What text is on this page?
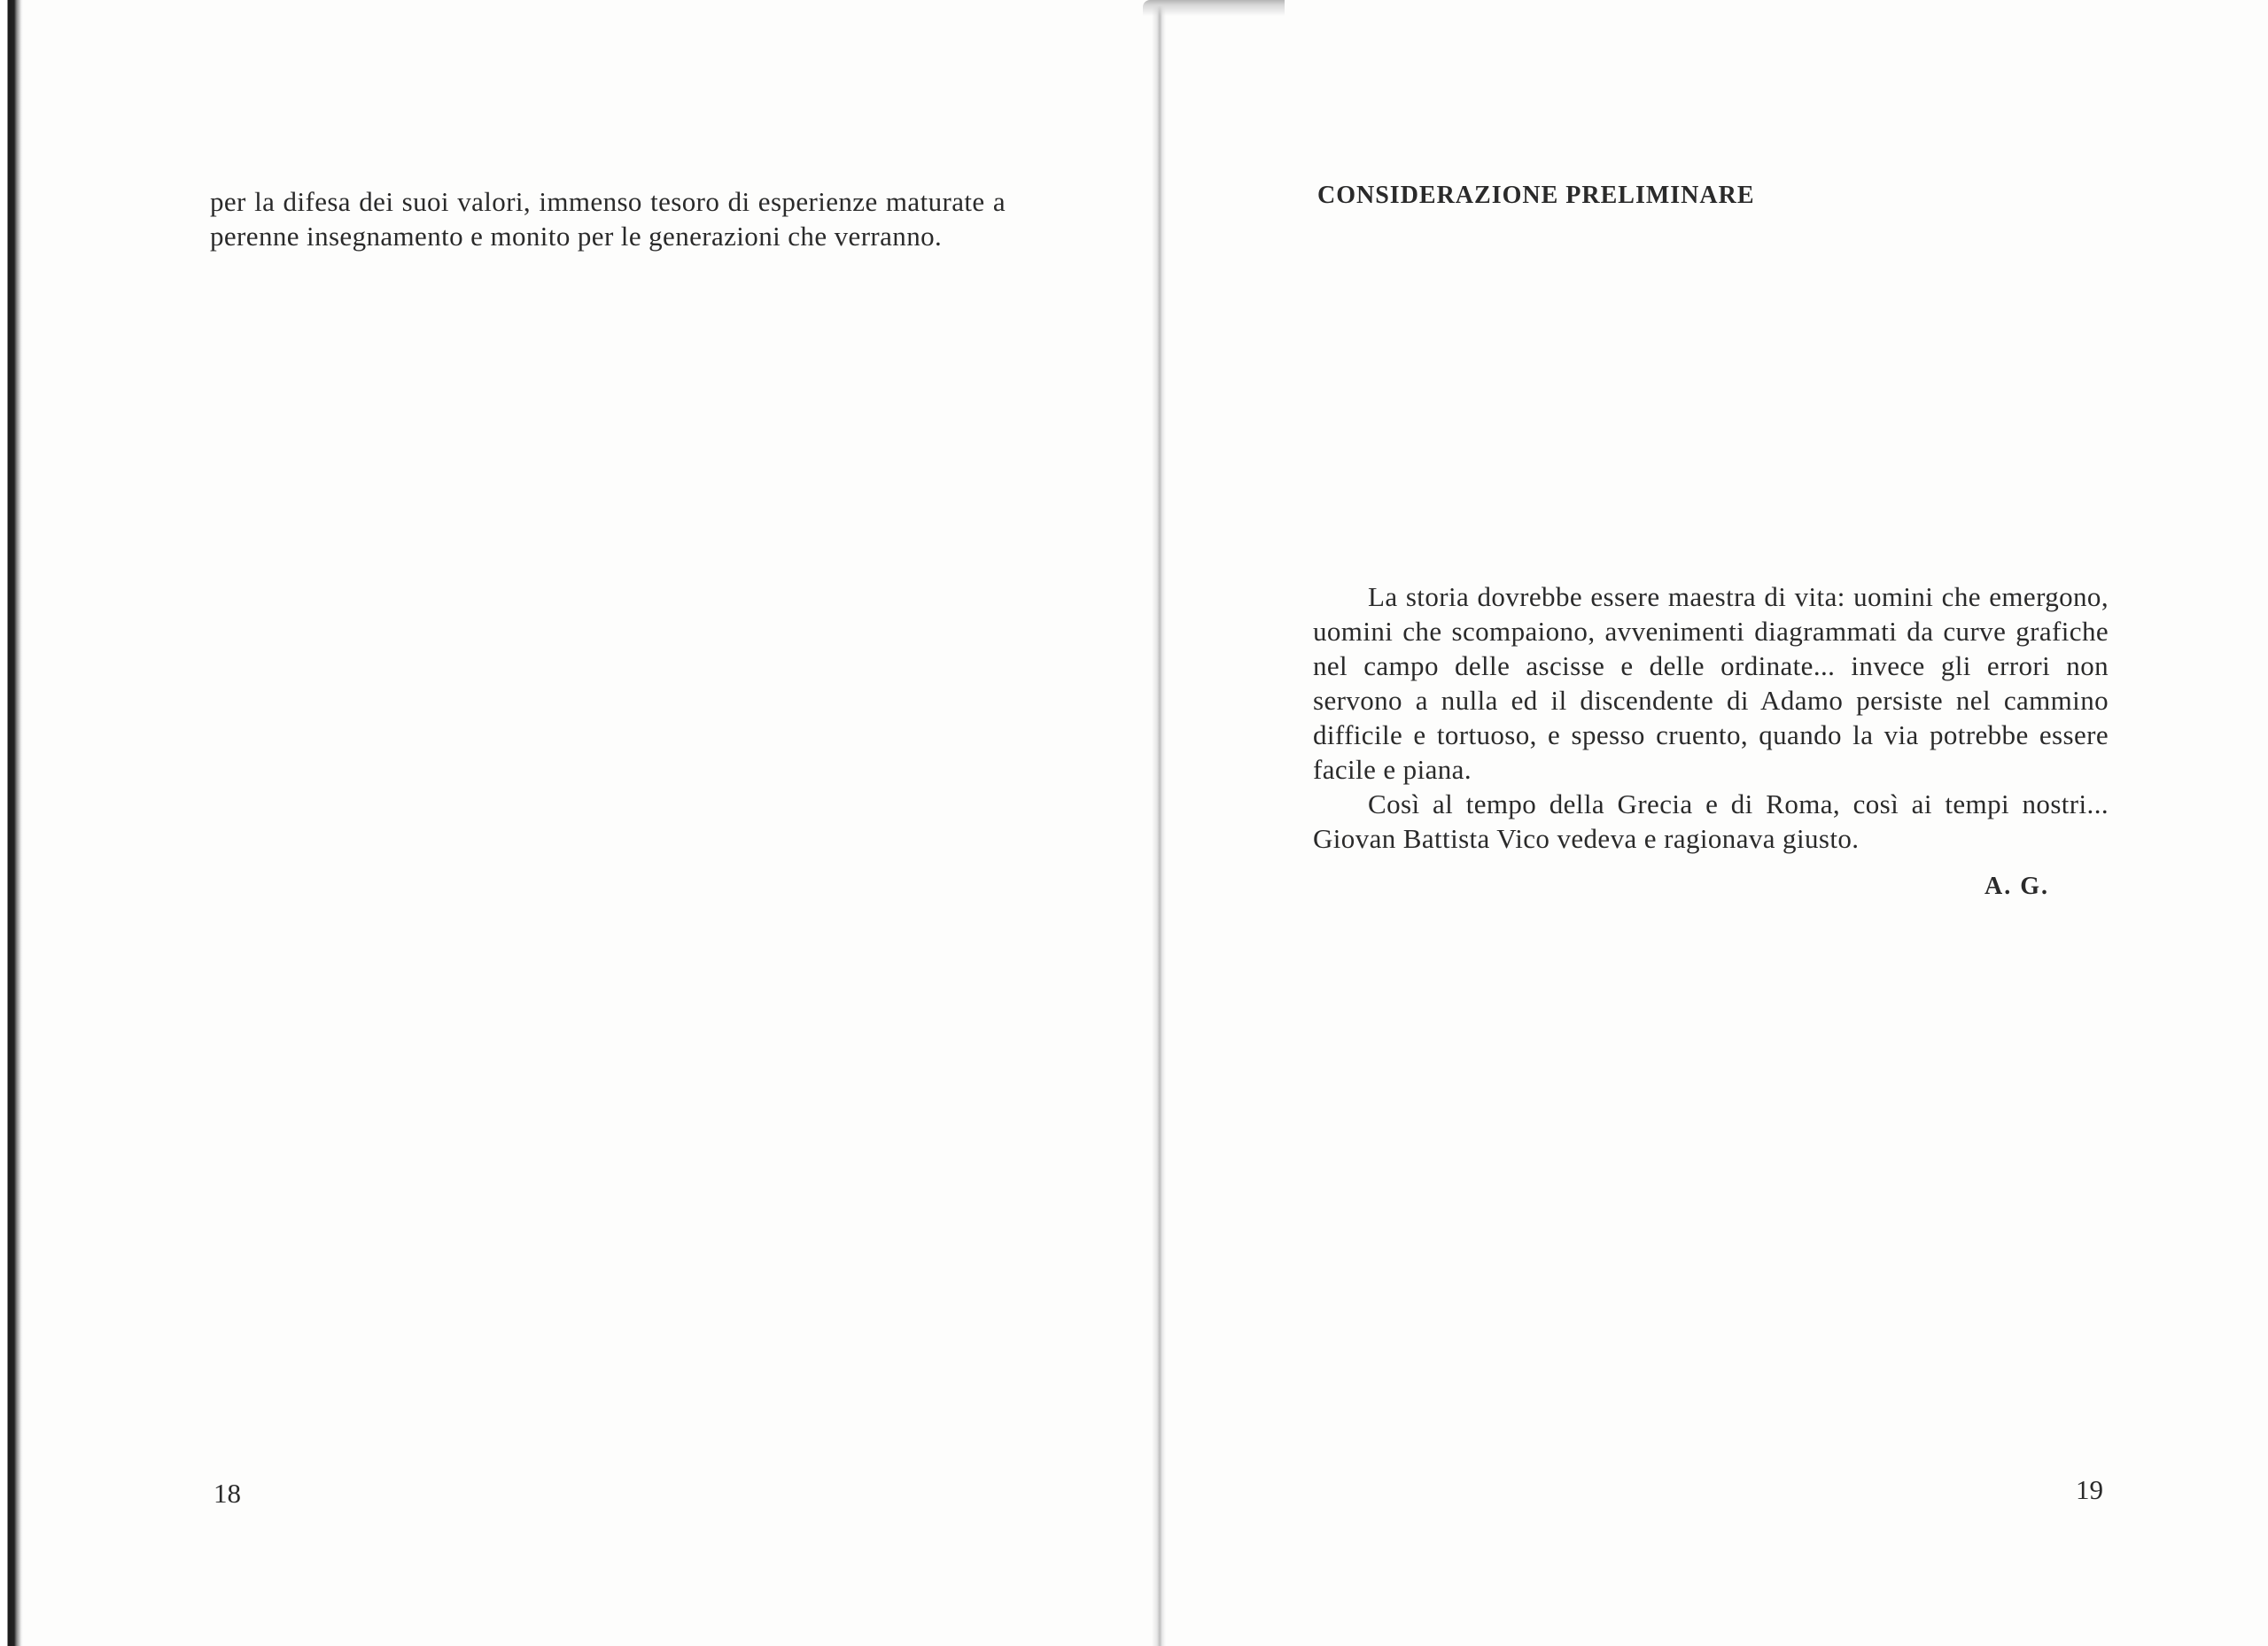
per la difesa dei suoi valori, immenso tesoro di esperienze maturate a perenne insegnamento e monito per le generazioni che verranno.

18

CONSIDERAZIONE PRELIMINARE

La storia dovrebbe essere maestra di vita: uomini che emergono, uomini che scompaiono, avvenimenti diagrammati da curve grafiche nel campo delle ascisse e delle ordinate... invece gli errori non servono a nulla ed il discendente di Adamo persiste nel cammino difficile e tortuoso, e spesso cruento, quando la via potrebbe essere facile e piana.

Così al tempo della Grecia e di Roma, così ai tempi nostri... Giovan Battista Vico vedeva e ragionava giusto.

A. G.

19
